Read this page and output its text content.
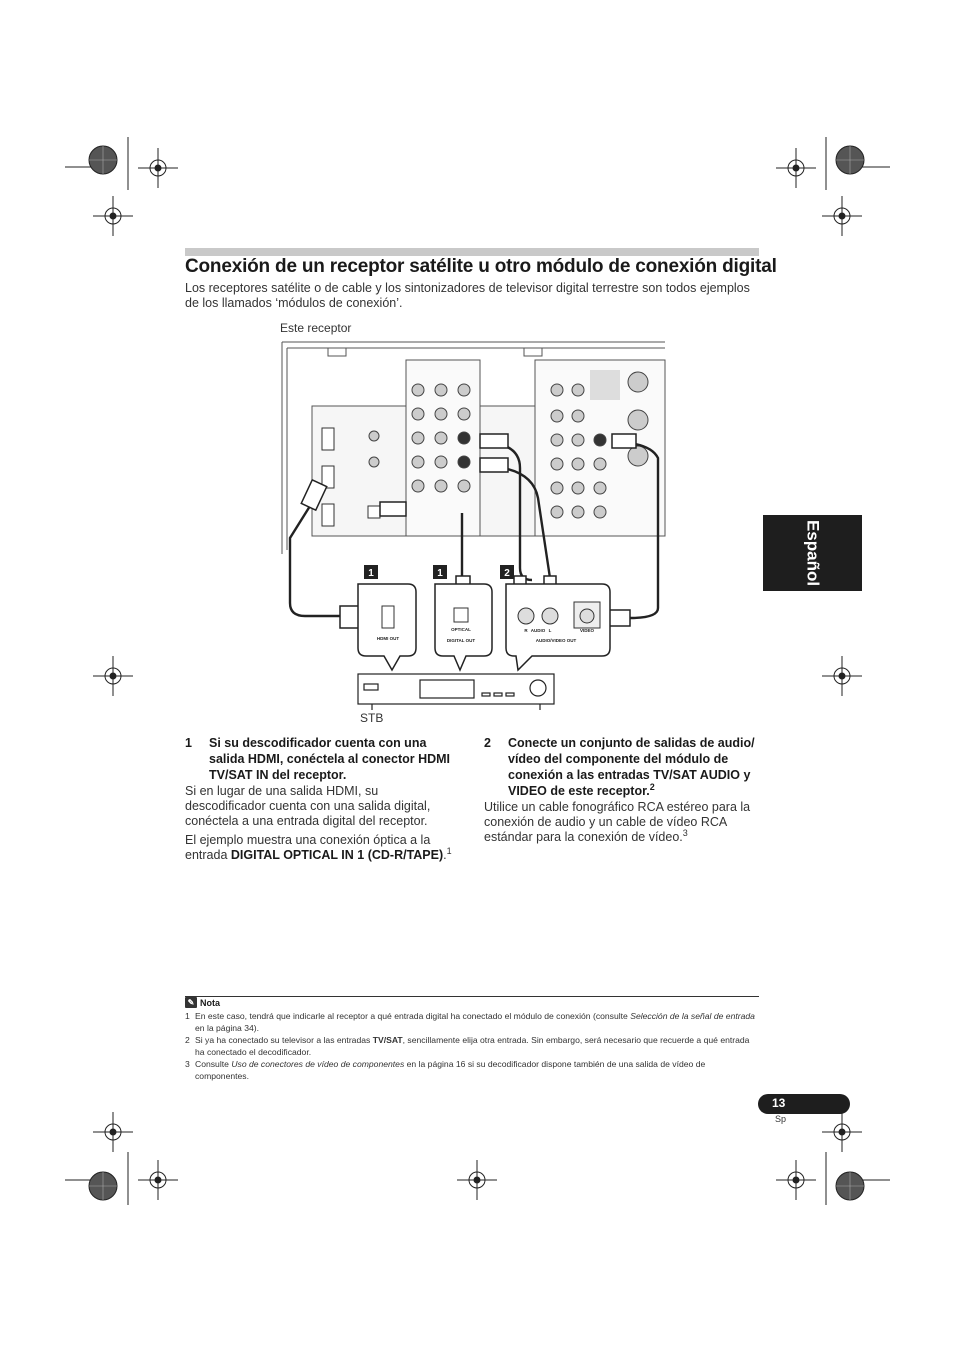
Conexión de un receptor satélite u otro módulo de conexión digital

Los receptores satélite o de cable y los sintonizadores de televisor digital terrestre son todos ejemplos de los llamados ‘módulos de conexión’.

Este receptor
1	1	2
HDMI OUT
OPTICAL
DIGITAL OUT
R AUDIO L	VIDEO
AUDIO/VIDEO OUT
STB
Español
1	Si su descodificador cuenta con una salida HDMI, conéctela al conector HDMI TV/SAT IN del receptor.

Si en lugar de una salida HDMI, su descodificador cuenta con una salida digital, conéctela a una entrada digital del receptor.

El ejemplo muestra una conexión óptica a la entrada DIGITAL OPTICAL IN 1 (CD-R/TAPE).$^1$

2	Conecte un conjunto de salidas de audio/ vídeo del componente del módulo de conexión a las entradas TV/SAT AUDIO y VIDEO de este receptor.$^2$

Utilice un cable fonográfico RCA estéreo para la conexión de audio y un cable de vídeo RCA estándar para la conexión de vídeo.$^3$

✎ Nota
1 En este caso, tendrá que indicarle al receptor a qué entrada digital ha conectado el módulo de conexión (consulte Selección de la señal de entrada en la página 34).
2 Si ya ha conectado su televisor a las entradas TV/SAT, sencillamente elija otra entrada. Sin embargo, será necesario que recuerde a qué entrada ha conectado el decodificador.
3 Consulte Uso de conectores de vídeo de componentes en la página 16 si su decodificador dispone también de una salida de vídeo de componentes.
13
Sp
